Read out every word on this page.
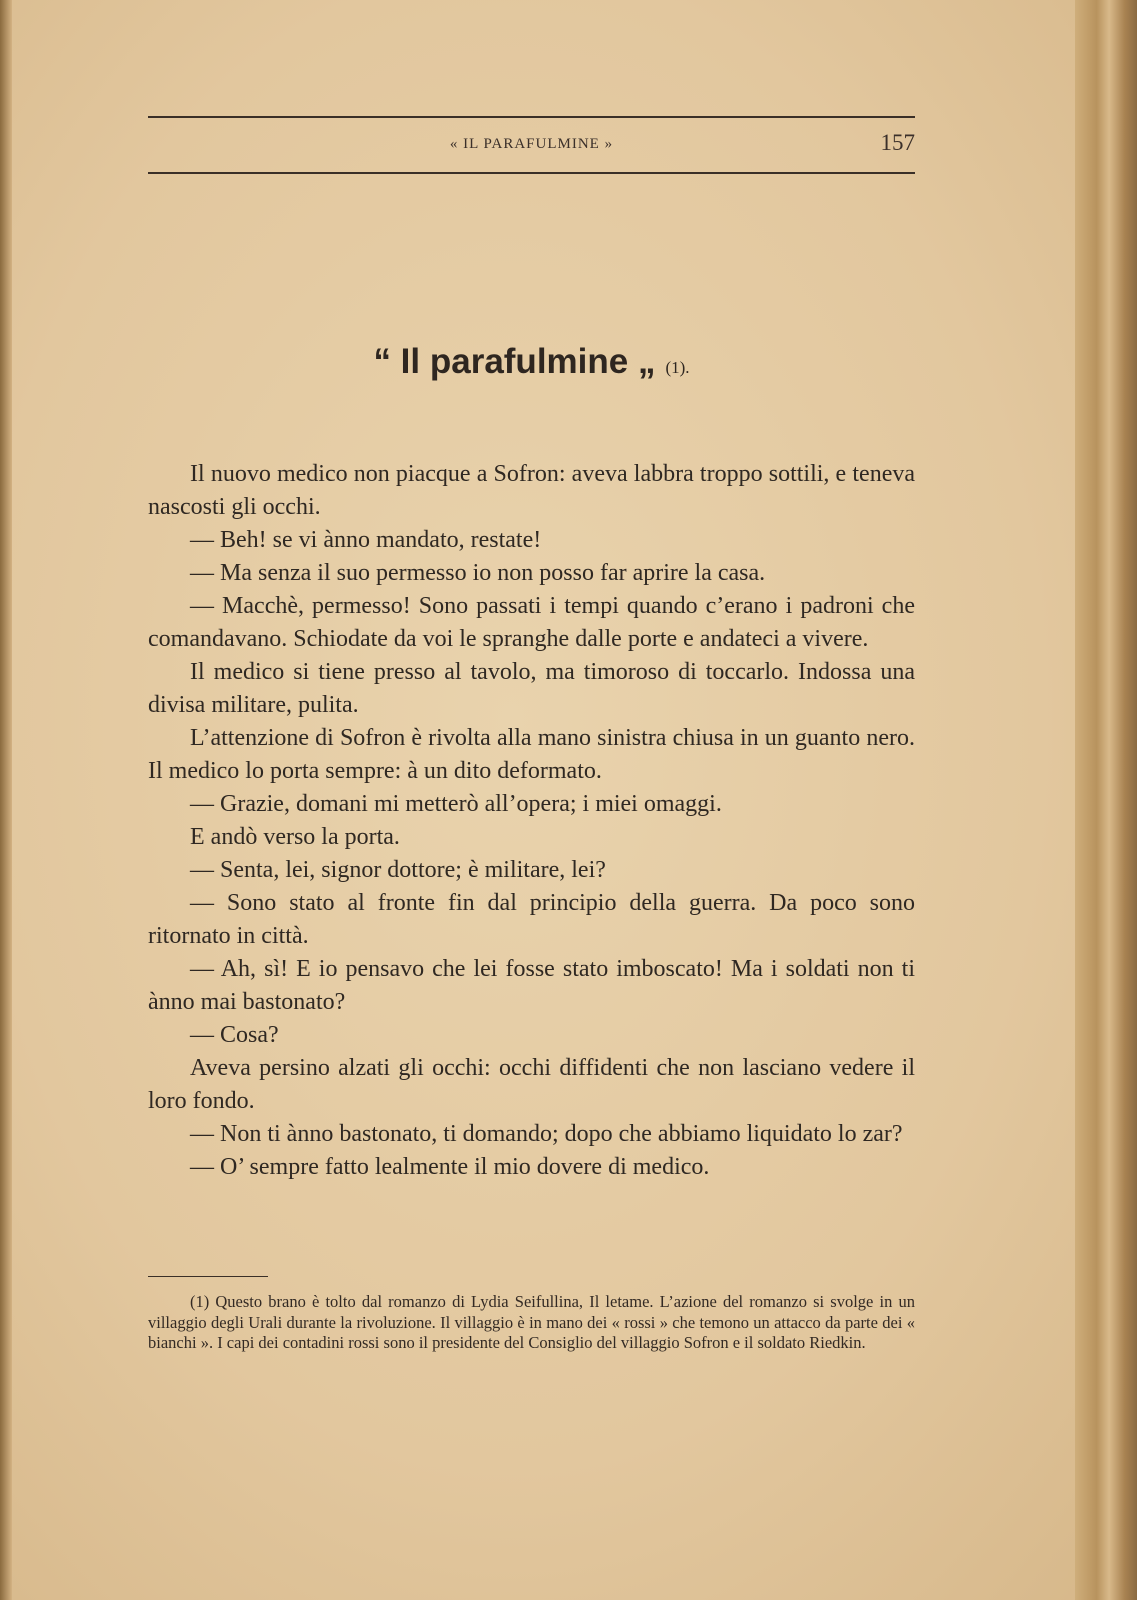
« IL PARAFULMINE »	157
“ Il parafulmine „ (1).

Il nuovo medico non piacque a Sofron: aveva labbra troppo sottili, e teneva nascosti gli occhi.

— Beh! se vi ànno mandato, restate!

— Ma senza il suo permesso io non posso far aprire la casa.

— Macchè, permesso! Sono passati i tempi quando c’erano i padroni che comandavano. Schiodate da voi le spranghe dalle porte e andateci a vivere.

Il medico si tiene presso al tavolo, ma timoroso di toccarlo. Indossa una divisa militare, pulita.

L’attenzione di Sofron è rivolta alla mano sinistra chiusa in un guanto nero. Il medico lo porta sempre: à un dito deformato.

— Grazie, domani mi metterò all’opera; i miei omaggi.

E andò verso la porta.

— Senta, lei, signor dottore; è militare, lei?

— Sono stato al fronte fin dal principio della guerra. Da poco sono ritornato in città.

— Ah, sì! E io pensavo che lei fosse stato imboscato! Ma i soldati non ti ànno mai bastonato?

— Cosa?

Aveva persino alzati gli occhi: occhi diffidenti che non lasciano vedere il loro fondo.

— Non ti ànno bastonato, ti domando; dopo che abbiamo liquidato lo zar?

— O’ sempre fatto lealmente il mio dovere di medico.

(1) Questo brano è tolto dal romanzo di Lydia Seifullina, Il letame. L’azione del romanzo si svolge in un villaggio degli Urali durante la rivoluzione. Il villaggio è in mano dei « rossi » che temono un attacco da parte dei « bianchi ». I capi dei contadini rossi sono il presidente del Consiglio del villaggio Sofron e il soldato Riedkin.
